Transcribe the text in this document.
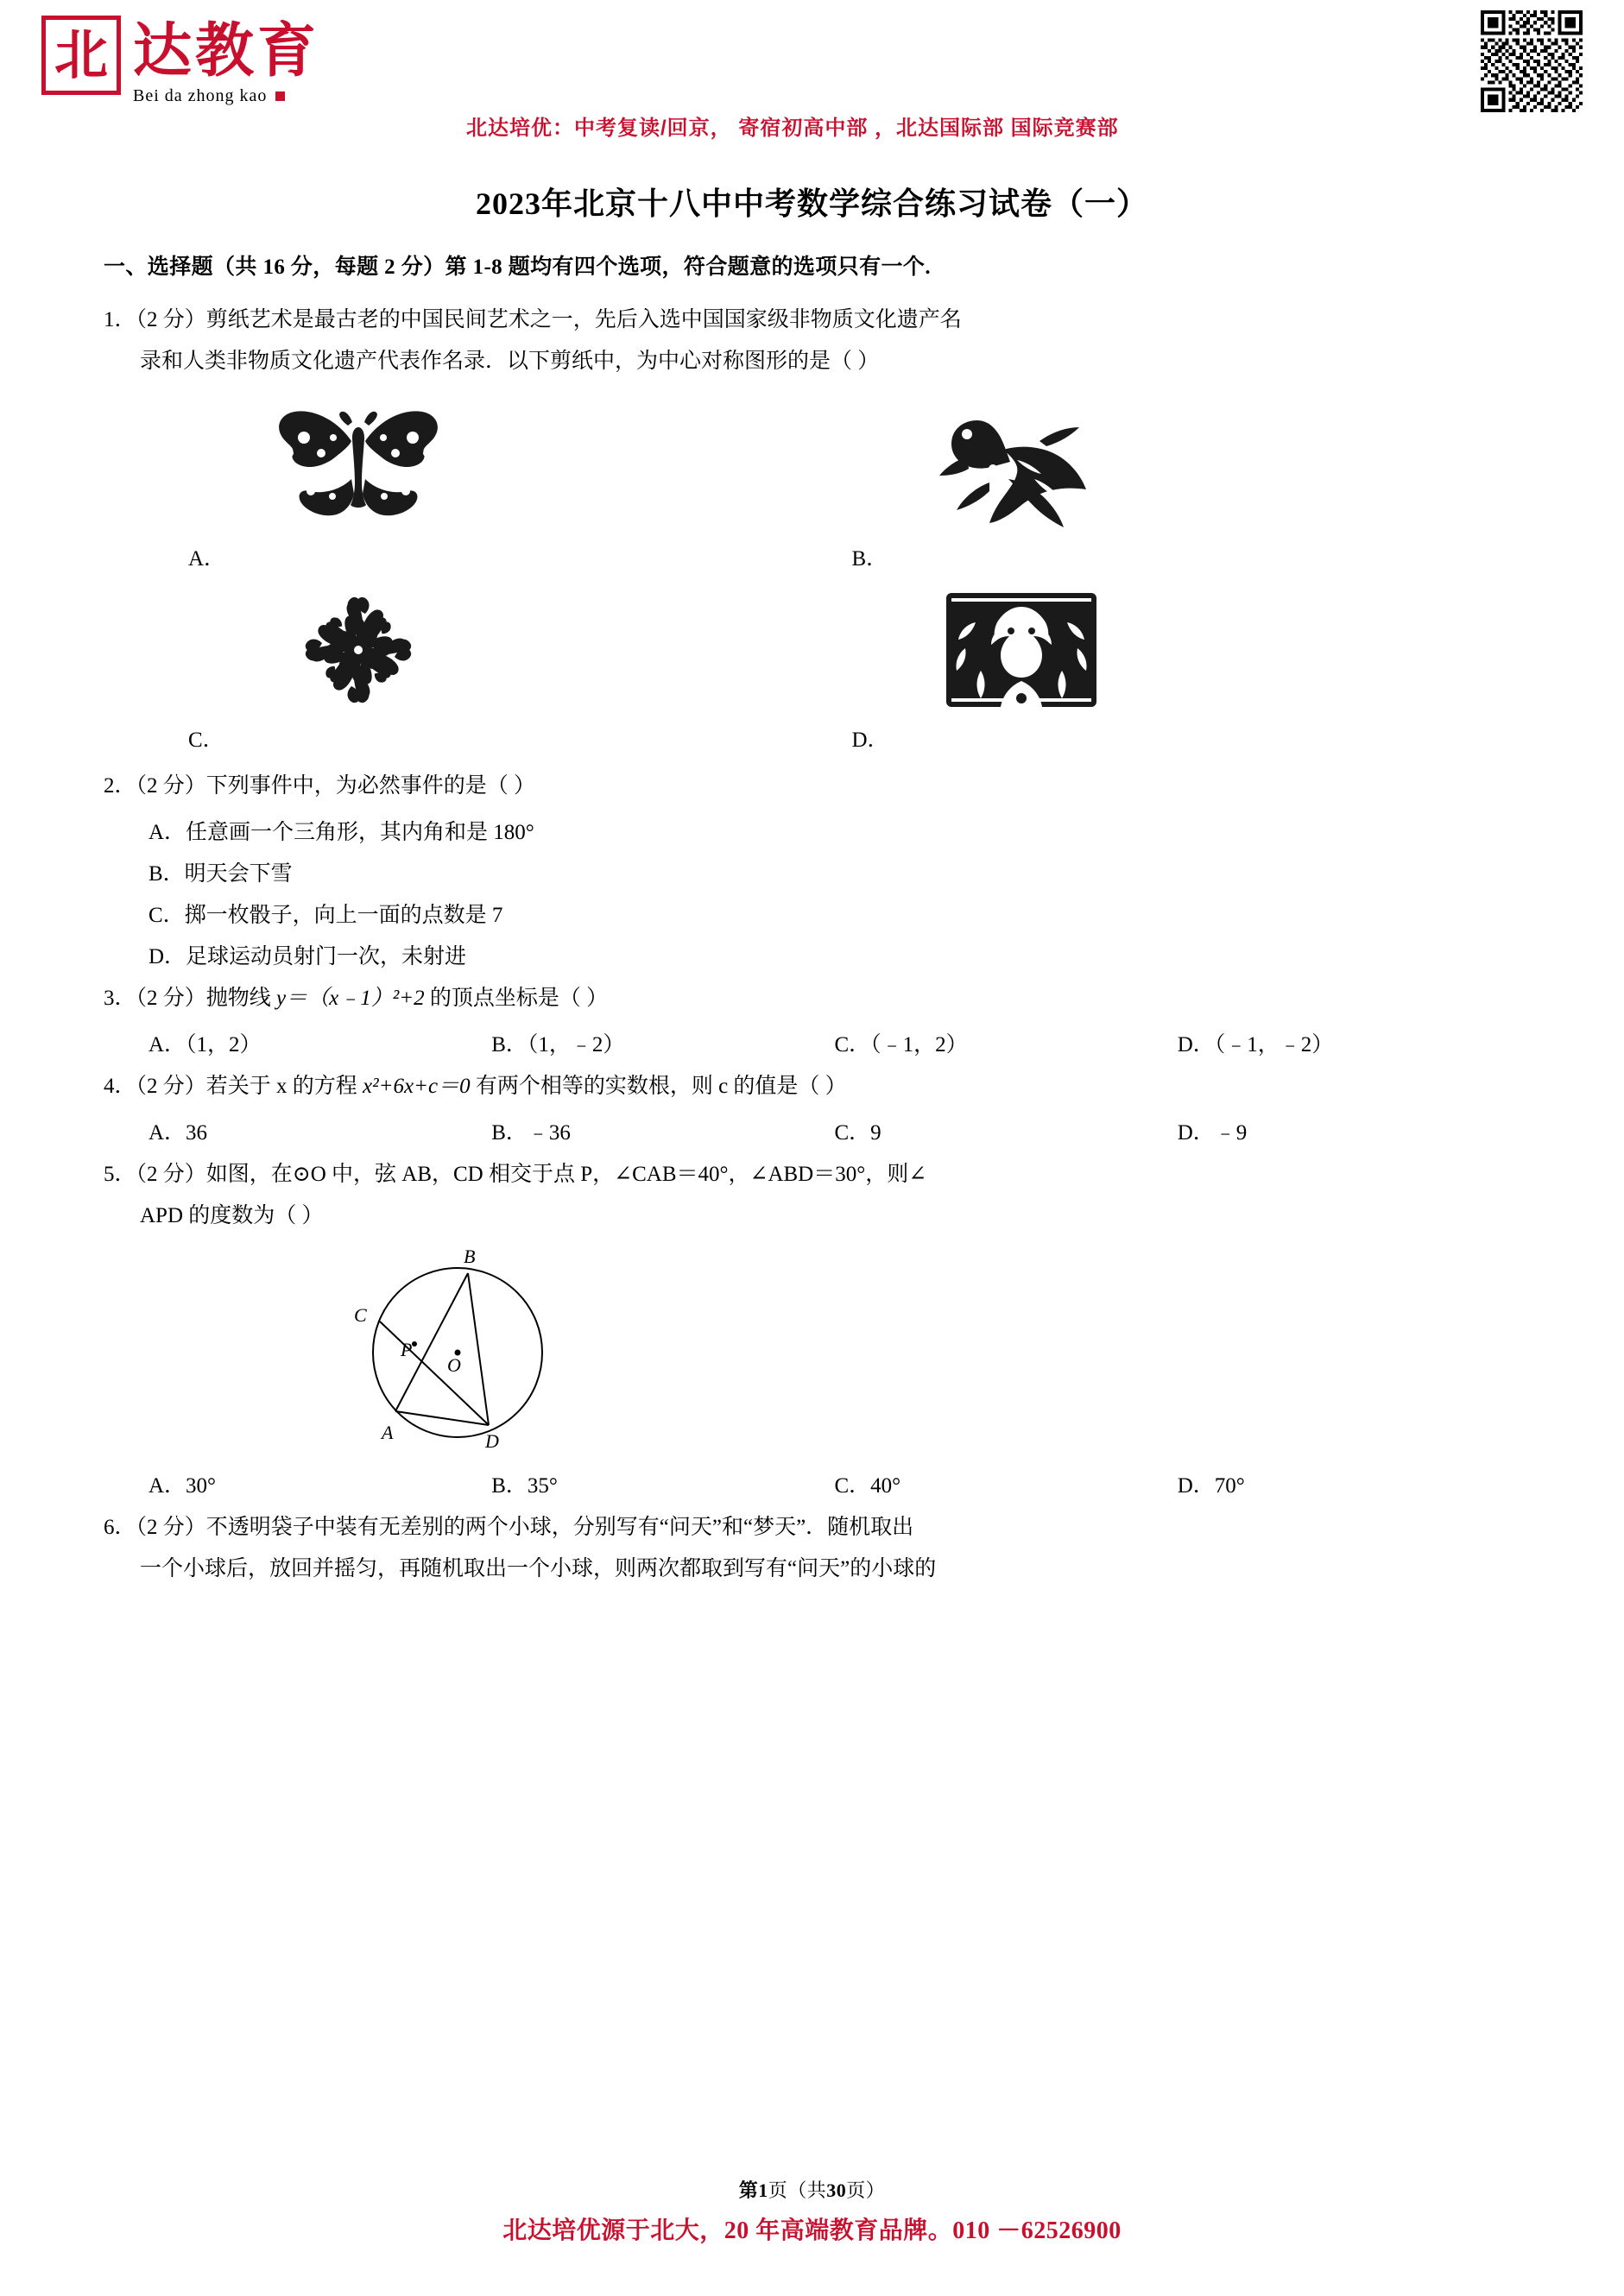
北 达教育
Bei da zhong kao
北达培优：中考复读/回京， 寄宿初高中部 ，北达国际部 国际竞赛部
2023年北京十八中中考数学综合练习试卷（一）
一、选择题（共 16 分，每题 2 分）第 1-8 题均有四个选项，符合题意的选项只有一个.
1．（2 分）剪纸艺术是最古老的中国民间艺术之一，先后入选中国国家级非物质文化遗产名
录和人类非物质文化遗产代表作名录．以下剪纸中，为中心对称图形的是（ ）
A．	B．
C．	D．
2．（2 分）下列事件中，为必然事件的是（ ）
A．任意画一个三角形，其内角和是 180°
B．明天会下雪
C．掷一枚骰子，向上一面的点数是 7
D．足球运动员射门一次，未射进
3．（2 分）抛物线 y＝（x﹣1）²+2 的顶点坐标是（ ）
A．（1，2）	B．（1，﹣2）	C．（﹣1，2）	D．（﹣1，﹣2）
4．（2 分）若关于 x 的方程 x²+6x+c＝0 有两个相等的实数根，则 c 的值是（ ）
A．36	B．﹣36	C．9	D．﹣9
5．（2 分）如图，在⊙O 中，弦 AB，CD 相交于点 P，∠CAB＝40°，∠ABD＝30°，则∠
APD 的度数为（ ）
B
C
A	D
P
O
A．30°	B．35°	C．40°	D．70°
6．（2 分）不透明袋子中装有无差别的两个小球，分别写有“问天”和“梦天”．随机取出
一个小球后，放回并摇匀，再随机取出一个小球，则两次都取到写有“问天”的小球的
第1页（共30页）
北达培优源于北大，20 年高端教育品牌。010 －62526900
